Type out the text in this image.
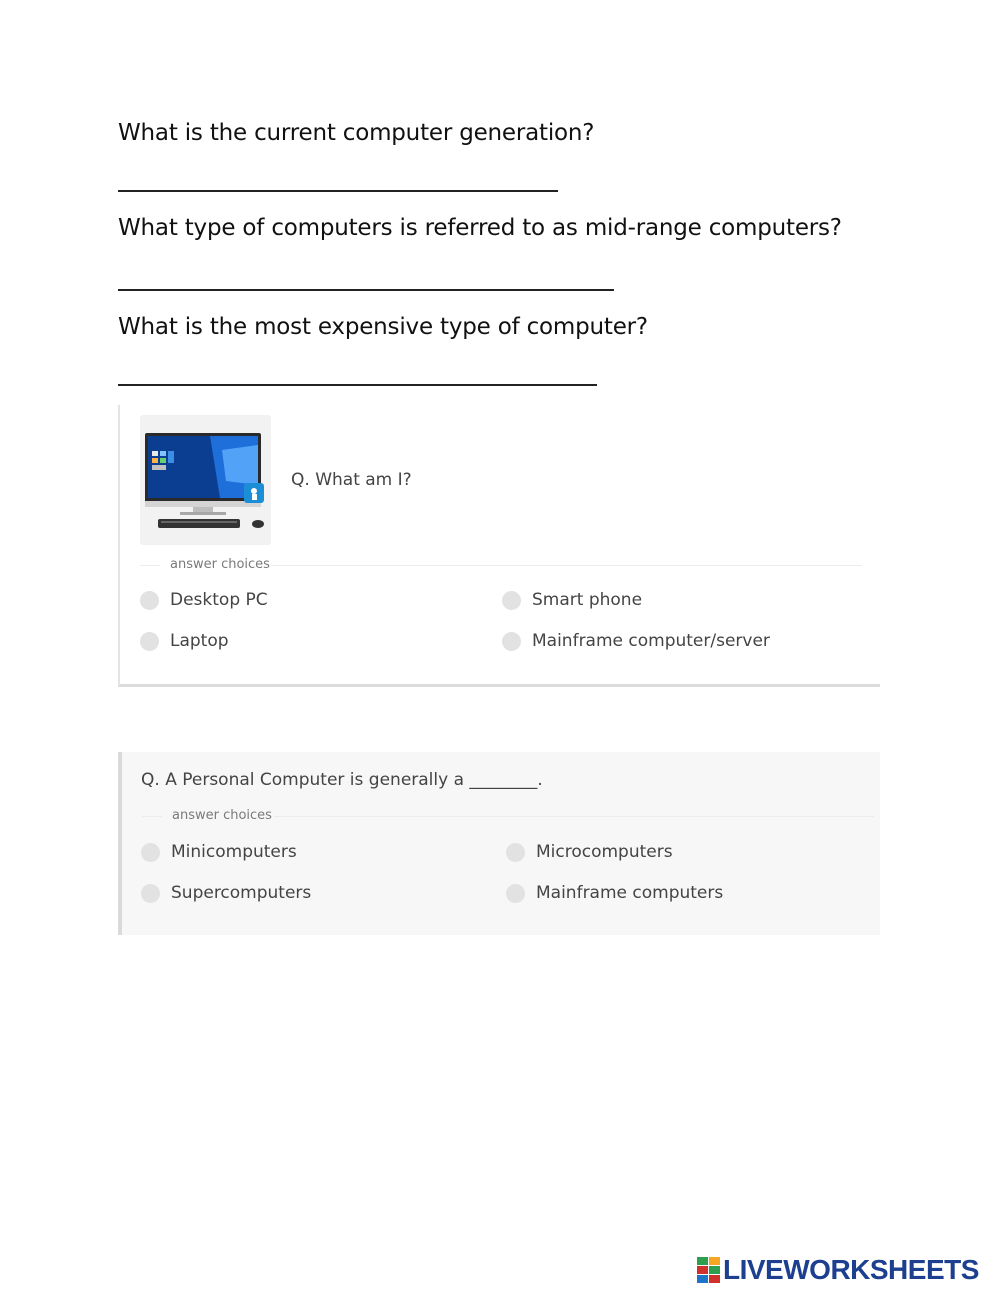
What is the current computer generation?
What type of computers is referred to as mid-range computers?
What is the most expensive type of computer?
Q. What am I?
answer choices
Desktop PC	Smart phone
Laptop	Mainframe computer/server
Q. A Personal Computer is generally a ________.
answer choices
Minicomputers	Microcomputers
Supercomputers	Mainframe computers
LIVEWORKSHEETS
